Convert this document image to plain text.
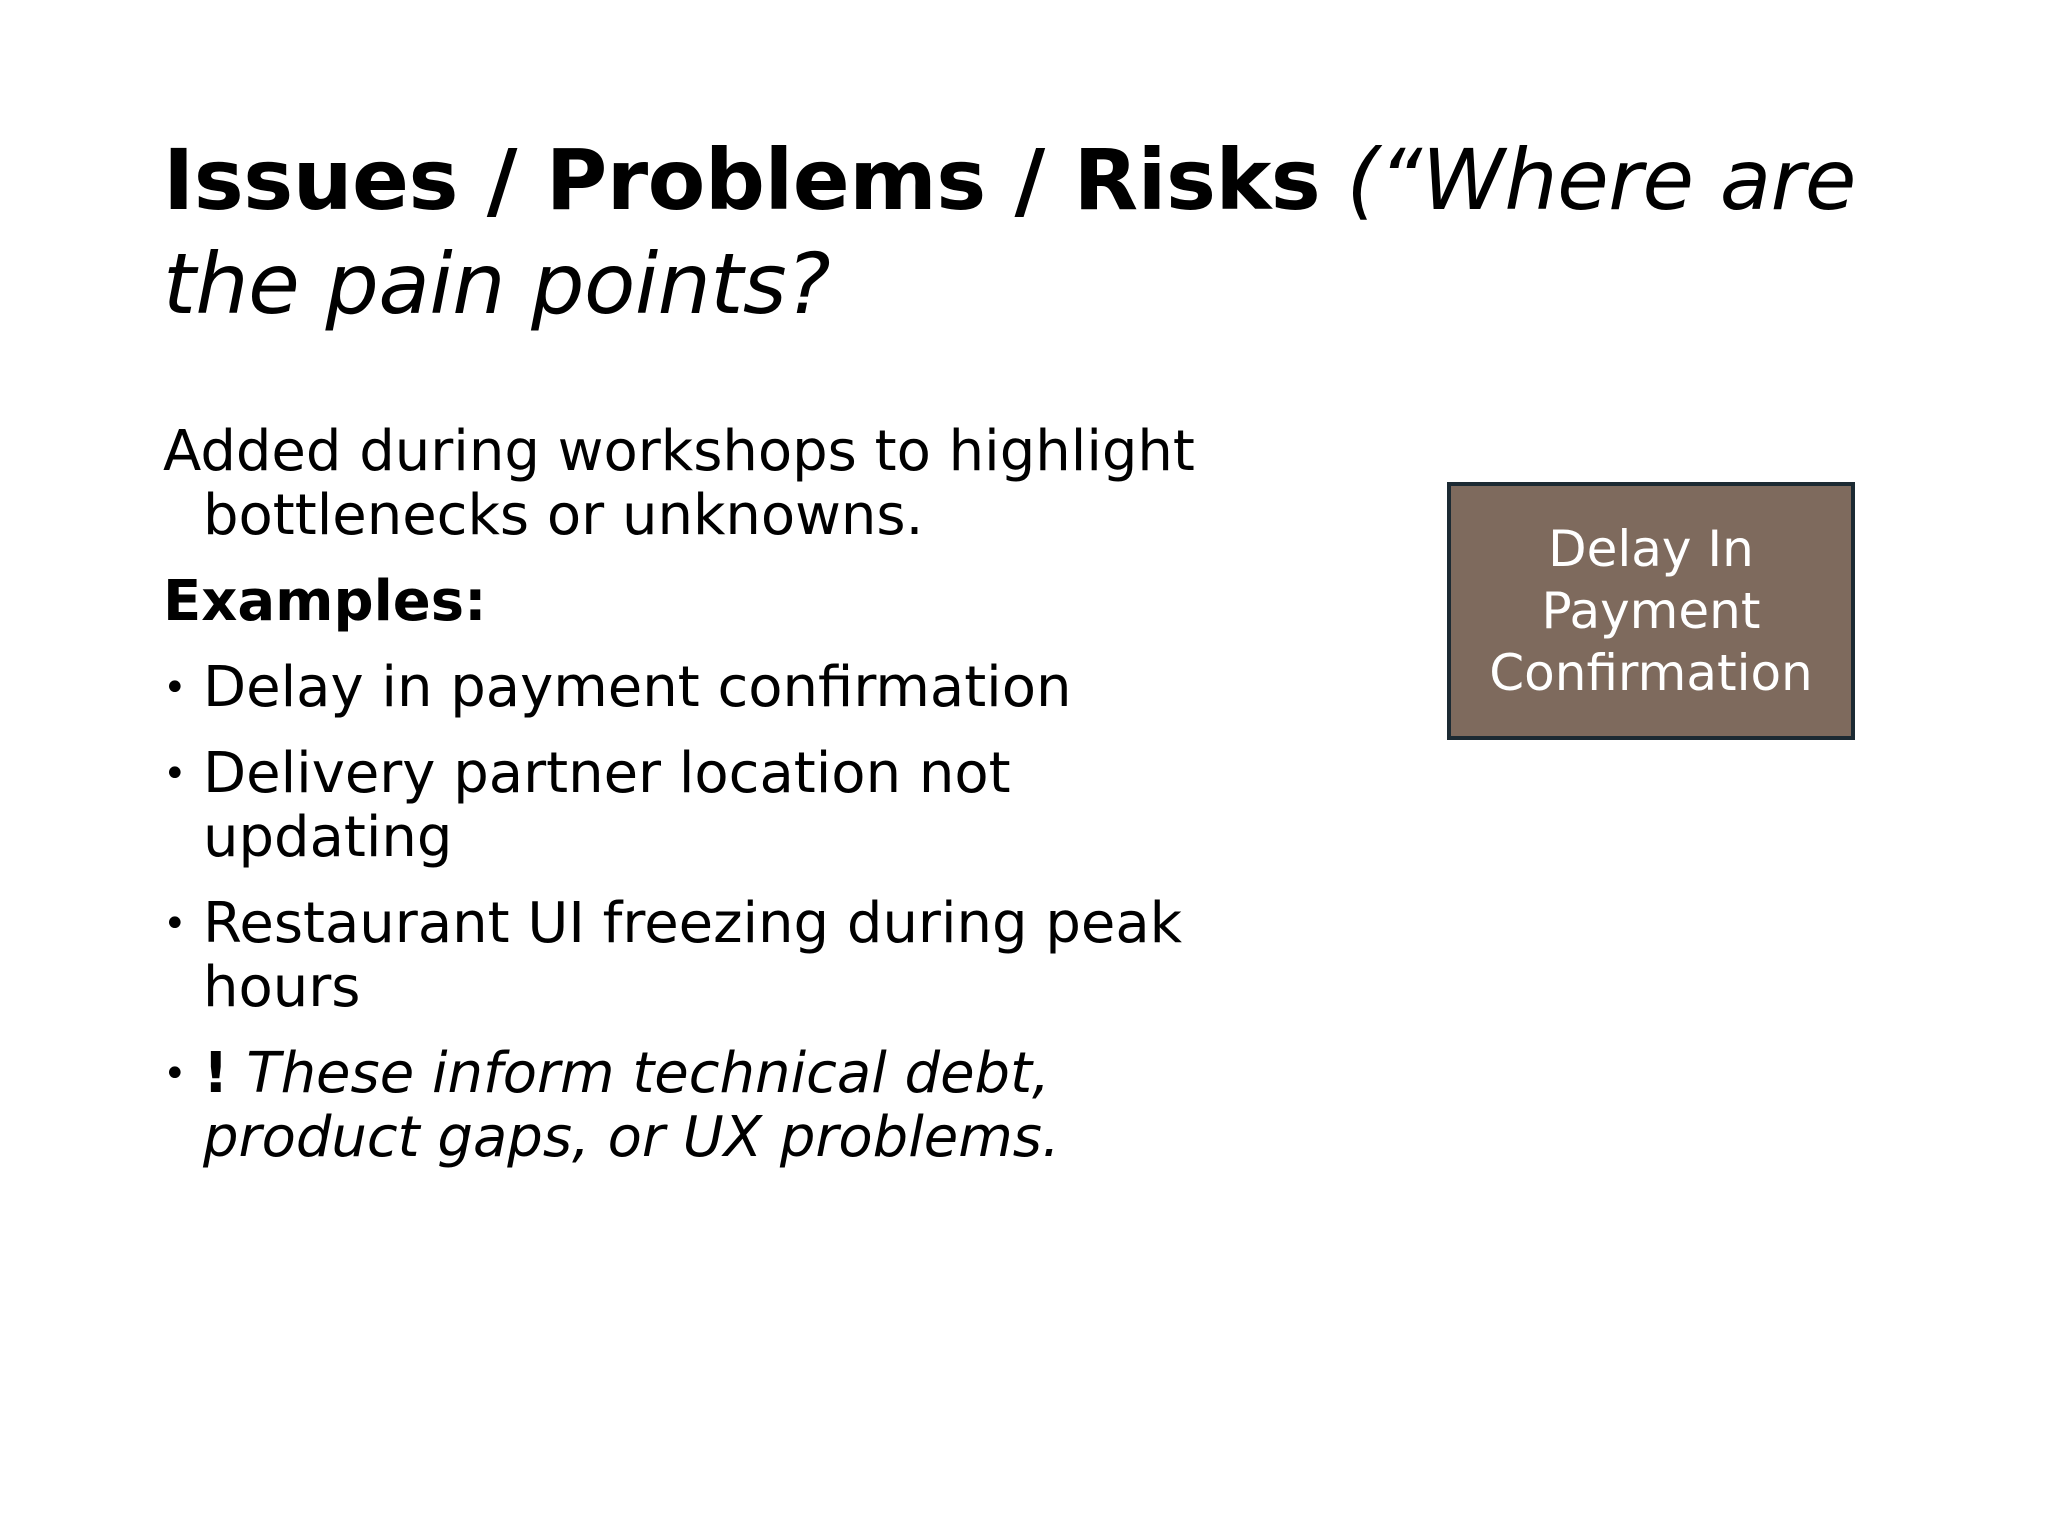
Issues / Problems / Risks (“Where are the pain points?

Added during workshops to highlight bottlenecks or unknowns.

Examples:

• Delay in payment confirmation
• Delivery partner location not updating
• Restaurant UI freezing during peak hours
• ! These inform technical debt, product gaps, or UX problems.
Delay In Payment Confirmation
